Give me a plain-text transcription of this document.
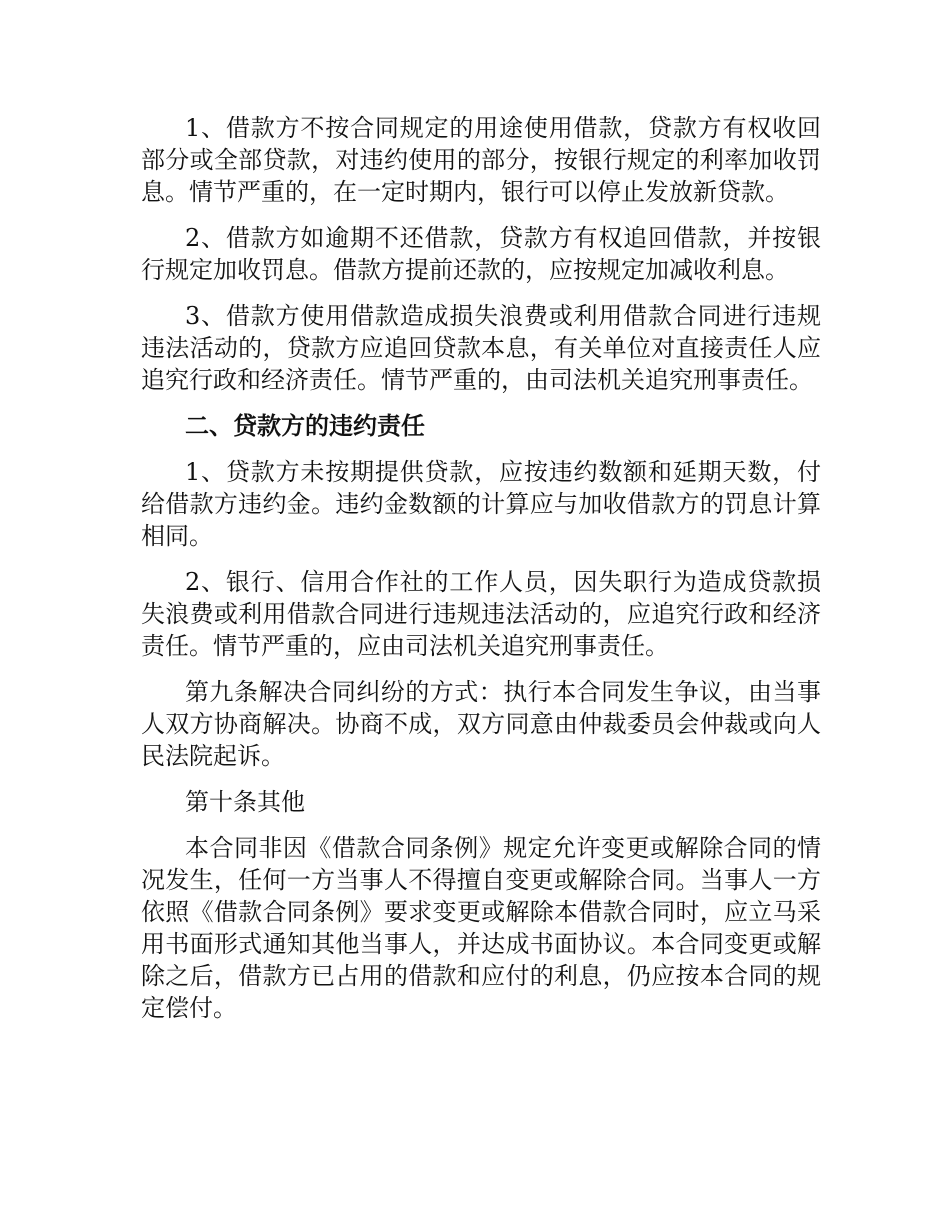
1、借款方不按合同规定的用途使用借款，贷款方有权收回部分或全部贷款，对违约使用的部分，按银行规定的利率加收罚息。情节严重的，在一定时期内，银行可以停止发放新贷款。

2、借款方如逾期不还借款，贷款方有权追回借款，并按银行规定加收罚息。借款方提前还款的，应按规定加减收利息。

3、借款方使用借款造成损失浪费或利用借款合同进行违规违法活动的，贷款方应追回贷款本息，有关单位对直接责任人应追究行政和经济责任。情节严重的，由司法机关追究刑事责任。

二、贷款方的违约责任

1、贷款方未按期提供贷款，应按违约数额和延期天数，付给借款方违约金。违约金数额的计算应与加收借款方的罚息计算相同。

2、银行、信用合作社的工作人员，因失职行为造成贷款损失浪费或利用借款合同进行违规违法活动的，应追究行政和经济责任。情节严重的，应由司法机关追究刑事责任。

第九条解决合同纠纷的方式：执行本合同发生争议，由当事人双方协商解决。协商不成，双方同意由仲裁委员会仲裁或向人民法院起诉。

第十条其他

本合同非因《借款合同条例》规定允许变更或解除合同的情况发生，任何一方当事人不得擅自变更或解除合同。当事人一方依照《借款合同条例》要求变更或解除本借款合同时，应立马采用书面形式通知其他当事人，并达成书面协议。本合同变更或解除之后，借款方已占用的借款和应付的利息，仍应按本合同的规定偿付。
